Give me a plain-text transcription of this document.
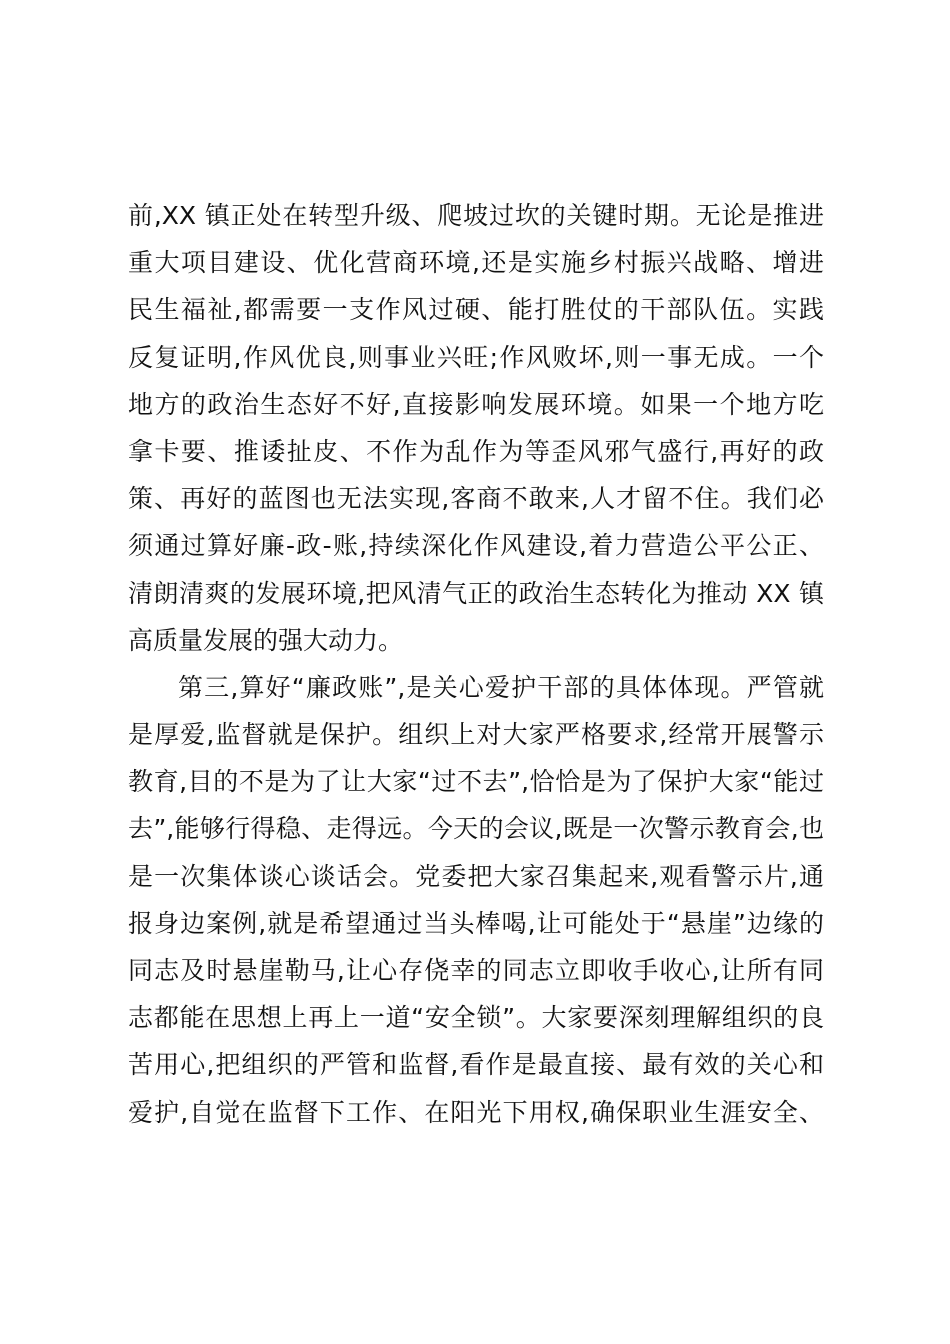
前,XX 镇正处在转型升级、爬坡过坎的关键时期。无论是推进
重大项目建设、优化营商环境,还是实施乡村振兴战略、增进
民生福祉,都需要一支作风过硬、能打胜仗的干部队伍。实践
反复证明,作风优良,则事业兴旺;作风败坏,则一事无成。一个
地方的政治生态好不好,直接影响发展环境。如果一个地方吃
拿卡要、推诿扯皮、不作为乱作为等歪风邪气盛行,再好的政
策、再好的蓝图也无法实现,客商不敢来,人才留不住。我们必
须通过算好廉-政-账,持续深化作风建设,着力营造公平公正、
清朗清爽的发展环境,把风清气正的政治生态转化为推动 XX 镇
高质量发展的强大动力。
第三,算好“廉政账”,是关心爱护干部的具体体现。严管就
是厚爱,监督就是保护。组织上对大家严格要求,经常开展警示
教育,目的不是为了让大家“过不去”,恰恰是为了保护大家“能过
去”,能够行得稳、走得远。今天的会议,既是一次警示教育会,也
是一次集体谈心谈话会。党委把大家召集起来,观看警示片,通
报身边案例,就是希望通过当头棒喝,让可能处于“悬崖”边缘的
同志及时悬崖勒马,让心存侥幸的同志立即收手收心,让所有同
志都能在思想上再上一道“安全锁”。大家要深刻理解组织的良
苦用心,把组织的严管和监督,看作是最直接、最有效的关心和
爱护,自觉在监督下工作、在阳光下用权,确保职业生涯安全、
